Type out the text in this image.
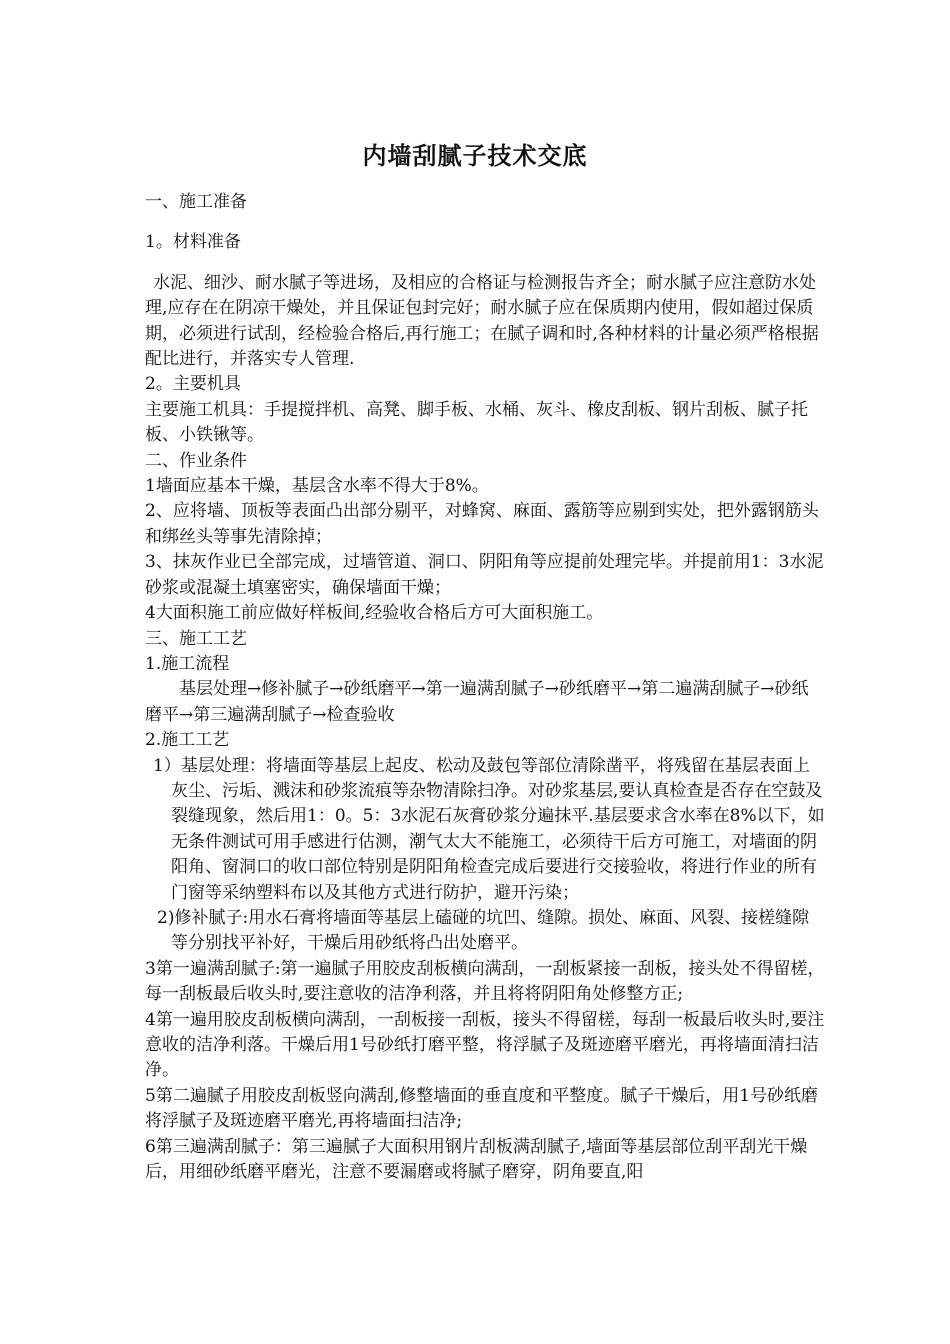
内墙刮腻子技术交底

一、施工准备

1。材料准备

水泥、细沙、耐水腻子等进场，及相应的合格证与检测报告齐全；耐水腻子应注意防水处理,应存在在阴凉干燥处，并且保证包封完好；耐水腻子应在保质期内使用，假如超过保质期，必须进行试刮，经检验合格后,再行施工；在腻子调和时,各种材料的计量必须严格根据配比进行，并落实专人管理.

2。主要机具

主要施工机具：手提搅拌机、高凳、脚手板、水桶、灰斗、橡皮刮板、钢片刮板、腻子托板、小铁锹等。

二、作业条件

1墙面应基本干燥，基层含水率不得大于8%。

2、应将墙、顶板等表面凸出部分剔平，对蜂窝、麻面、露筋等应剔到实处，把外露钢筋头和绑丝头等事先清除掉；

3、抹灰作业已全部完成，过墙管道、洞口、阴阳角等应提前处理完毕。并提前用1：3水泥砂浆或混凝土填塞密实，确保墙面干燥；

4大面积施工前应做好样板间,经验收合格后方可大面积施工。

三、施工工艺

1.施工流程

基层处理→修补腻子→砂纸磨平→第一遍满刮腻子→砂纸磨平→第二遍满刮腻子→砂纸磨平→第三遍满刮腻子→检查验收

2.施工工艺

1）基层处理：将墙面等基层上起皮、松动及鼓包等部位清除凿平，将残留在基层表面上灰尘、污垢、溅沫和砂浆流痕等杂物清除扫净。对砂浆基层,要认真检查是否存在空鼓及裂缝现象，然后用1：0。5：3水泥石灰膏砂浆分遍抹平.基层要求含水率在8%以下，如无条件测试可用手感进行估测，潮气太大不能施工，必须待干后方可施工，对墙面的阴阳角、窗洞口的收口部位特别是阴阳角检查完成后要进行交接验收，将进行作业的所有门窗等采纳塑料布以及其他方式进行防护，避开污染；

2)修补腻子:用水石膏将墙面等基层上磕碰的坑凹、缝隙。损处、麻面、风裂、接槎缝隙等分别找平补好，干燥后用砂纸将凸出处磨平。

3第一遍满刮腻子:第一遍腻子用胶皮刮板横向满刮，一刮板紧接一刮板，接头处不得留槎，每一刮板最后收头时,要注意收的洁净利落，并且将将阴阳角处修整方正;

4第一遍用胶皮刮板横向满刮，一刮板接一刮板，接头不得留槎，每刮一板最后收头时,要注意收的洁净利落。干燥后用1号砂纸打磨平整，将浮腻子及斑迹磨平磨光，再将墙面清扫洁净。

5第二遍腻子用胶皮刮板竖向满刮,修整墙面的垂直度和平整度。腻子干燥后，用1号砂纸磨将浮腻子及斑迹磨平磨光,再将墙面扫洁净;

6第三遍满刮腻子：第三遍腻子大面积用钢片刮板满刮腻子,墙面等基层部位刮平刮光干燥后，用细砂纸磨平磨光，注意不要漏磨或将腻子磨穿，阴角要直,阳
